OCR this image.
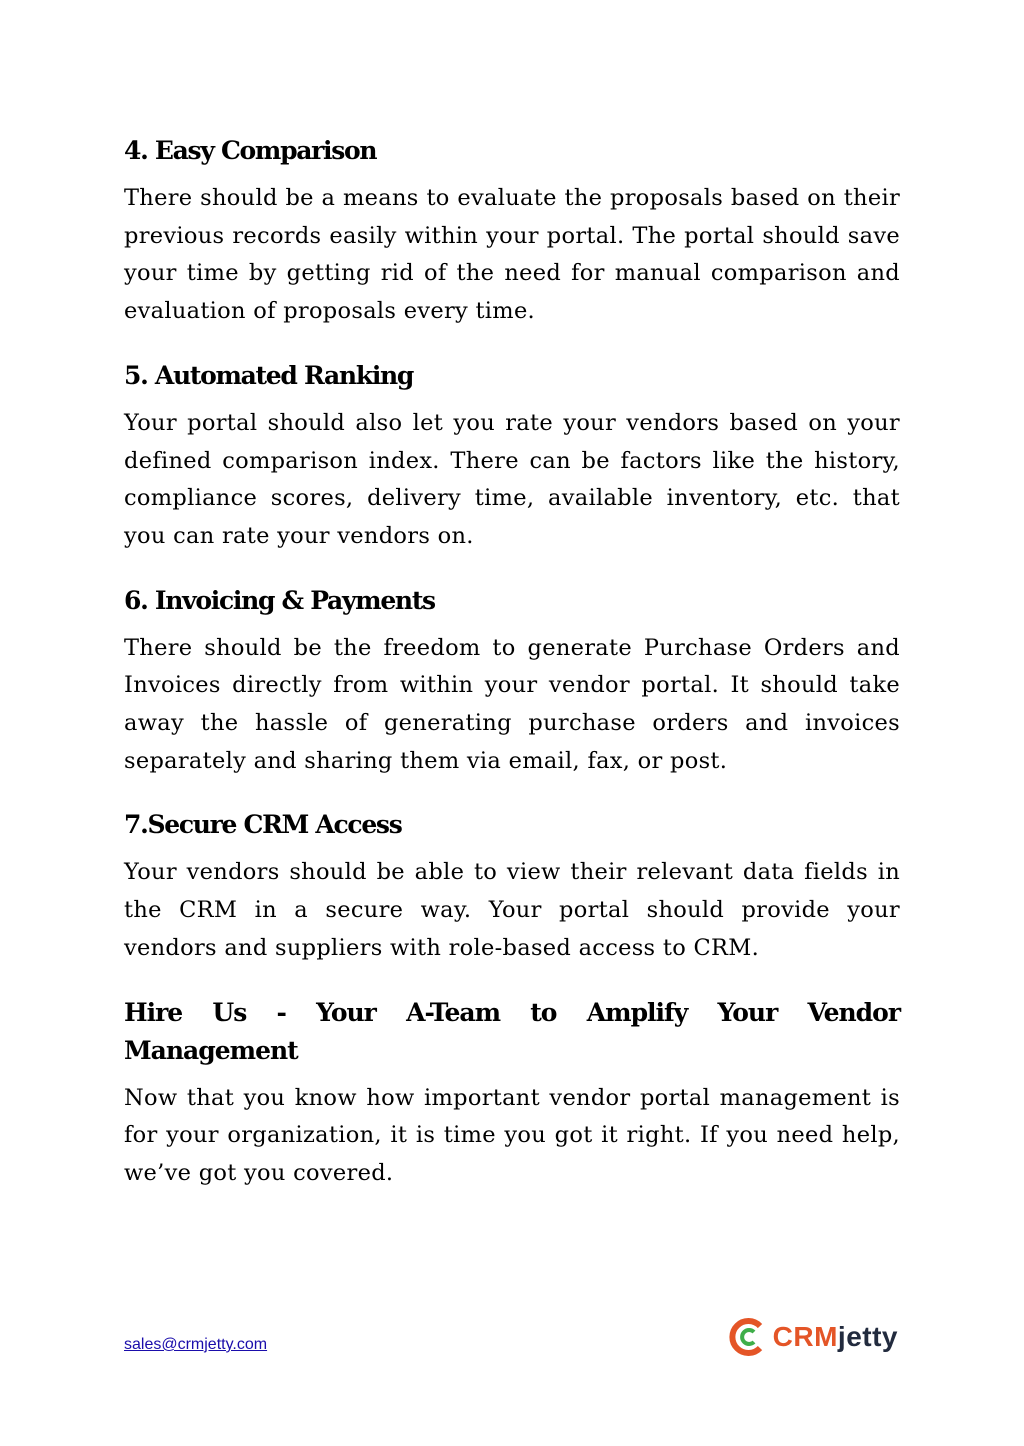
4. Easy Comparison

There should be a means to evaluate the proposals based on their previous records easily within your portal. The portal should save your time by getting rid of the need for manual comparison and evaluation of proposals every time.

5. Automated Ranking

Your portal should also let you rate your vendors based on your defined comparison index. There can be factors like the history, compliance scores, delivery time, available inventory, etc. that you can rate your vendors on.

6. Invoicing & Payments

There should be the freedom to generate Purchase Orders and Invoices directly from within your vendor portal. It should take away the hassle of generating purchase orders and invoices separately and sharing them via email, fax, or post.

7.Secure CRM Access

Your vendors should be able to view their relevant data fields in the CRM in a secure way. Your portal should provide your vendors and suppliers with role-based access to CRM.

Hire Us - Your A-Team to Amplify Your Vendor Management

Now that you know how important vendor portal management is for your organization, it is time you got it right. If you need help, we’ve got you covered.

sales@crmjetty.com	CRMjetty
